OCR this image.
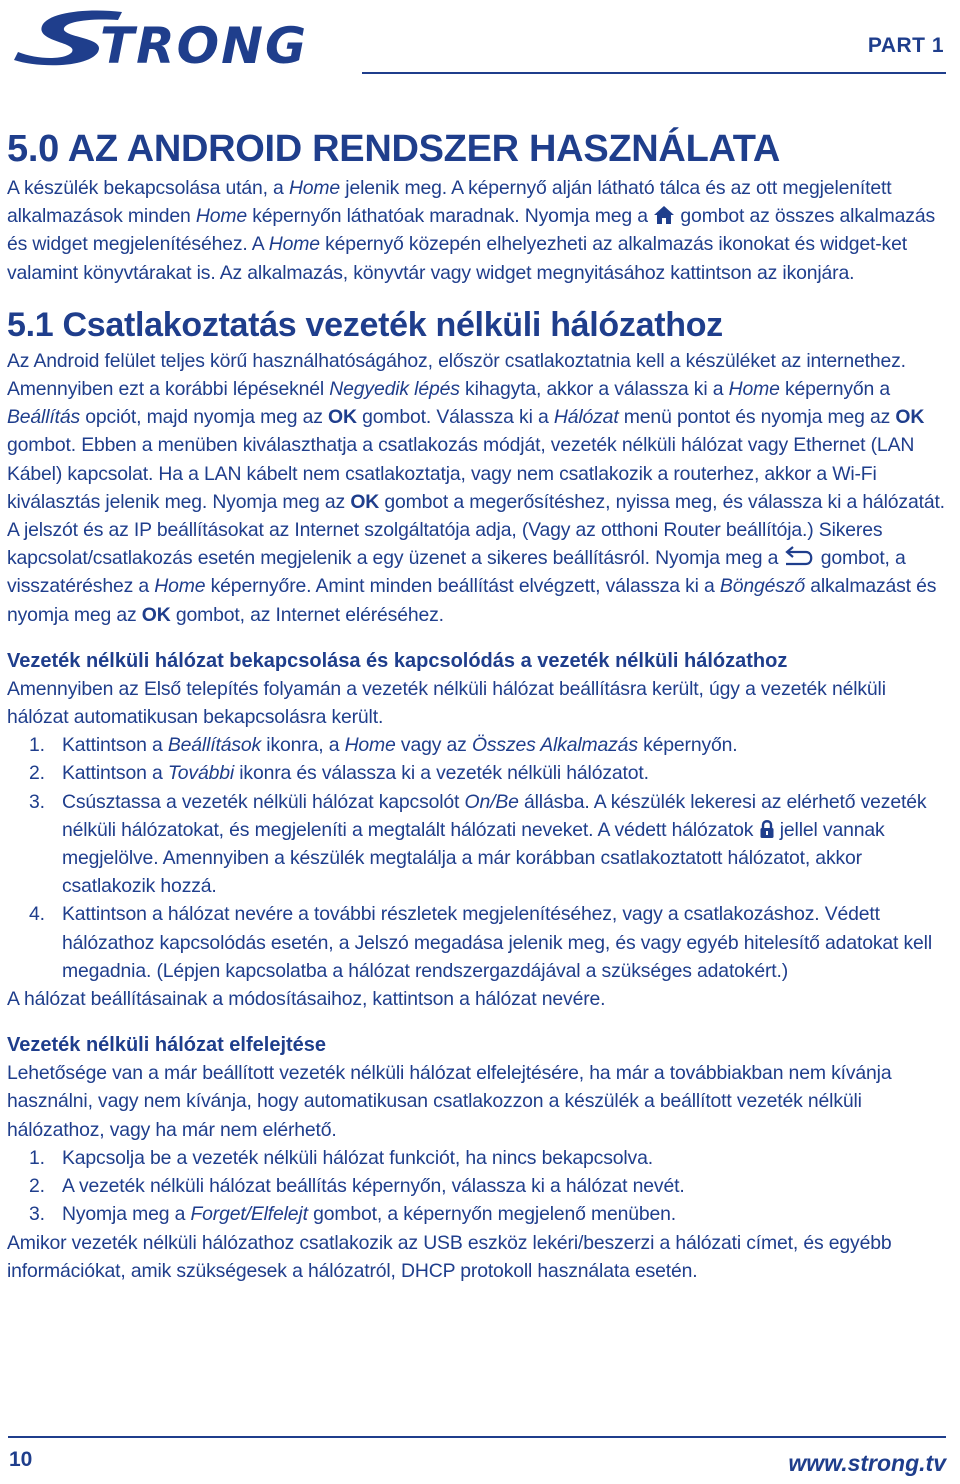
TRONG	PART 1
5.0 AZ ANDROID RENDSZER HASZNÁLATA

A készülék bekapcsolása után, a Home jelenik meg. A képernyő alján látható tálca és az ott megjelenített alkalmazások minden Home képernyőn láthatóak maradnak. Nyomja meg a  gombot az összes alkalmazás és widget megjelenítéséhez. A Home képernyő közepén elhelyezheti az alkalmazás ikonokat és widget-ket valamint könyvtárakat is. Az alkalmazás, könyvtár vagy widget megnyitásához kattintson az ikonjára.

5.1 Csatlakoztatás vezeték nélküli hálózathoz

Az Android felület teljes körű használhatóságához, először csatlakoztatnia kell a készüléket az internethez. Amennyiben ezt a korábbi lépéseknél Negyedik lépés kihagyta, akkor a válassza ki a Home képernyőn a Beállítás opciót, majd nyomja meg az OK gombot. Válassza ki a Hálózat menü pontot és nyomja meg az OK gombot. Ebben a menüben kiválaszthatja a csatlakozás módját, vezeték nélküli hálózat vagy Ethernet (LAN Kábel) kapcsolat. Ha a LAN kábelt nem csatlakoztatja, vagy nem csatlakozik a routerhez, akkor a Wi-Fi kiválasztás jelenik meg. Nyomja meg az OK gombot a megerősítéshez, nyissa meg, és válassza ki a hálózatát. A jelszót és az IP beállításokat az Internet szolgáltatója adja, (Vagy az otthoni Router beállítója.) Sikeres kapcsolat/csatlakozás esetén megjelenik a egy üzenet a sikeres beállításról. Nyomja meg a  gombot, a visszatéréshez a Home képernyőre. Amint minden beállítást elvégzett, válassza ki a Böngésző alkalmazást és nyomja meg az OK gombot, az Internet eléréséhez.

Vezeték nélküli hálózat bekapcsolása és kapcsolódás a vezeték nélküli hálózathoz

Amennyiben az Első telepítés folyamán a vezeték nélküli hálózat beállításra került, úgy a vezeték nélküli hálózat automatikusan bekapcsolásra került.

1. Kattintson a Beállítások ikonra, a Home vagy az Összes Alkalmazás képernyőn.
2. Kattintson a További ikonra és válassza ki a vezeték nélküli hálózatot.
3. Csúsztassa a vezeték nélküli hálózat kapcsolót On/Be állásba. A készülék lekeresi az elérhető vezeték nélküli hálózatokat, és megjeleníti a megtalált hálózati neveket. A védett hálózatok  jellel vannak megjelölve. Amennyiben a készülék megtalálja a már korábban csatlakoztatott hálózatot, akkor csatlakozik hozzá.
4. Kattintson a hálózat nevére a további részletek megjelenítéséhez, vagy a csatlakozáshoz. Védett hálózathoz kapcsolódás esetén, a Jelszó megadása jelenik meg, és vagy egyéb hitelesítő adatokat kell megadnia. (Lépjen kapcsolatba a hálózat rendszergazdájával a szükséges adatokért.)

A hálózat beállításainak a módosításaihoz, kattintson a hálózat nevére.

Vezeték nélküli hálózat elfelejtése

Lehetősége van a már beállított vezeték nélküli hálózat elfelejtésére, ha már a továbbiakban nem kívánja használni, vagy nem kívánja, hogy automatikusan csatlakozzon a készülék a beállított vezeték nélküli hálózathoz, vagy ha már nem elérhető.

1. Kapcsolja be a vezeték nélküli hálózat funkciót, ha nincs bekapcsolva.
2. A vezeték nélküli hálózat beállítás képernyőn, válassza ki a hálózat nevét.
3. Nyomja meg a Forget/Elfelejt gombot, a képernyőn megjelenő menüben.

Amikor vezeték nélküli hálózathoz csatlakozik az USB eszköz lekéri/beszerzi a hálózati címet, és egyébb információkat, amik szükségesek a hálózatról, DHCP protokoll használata esetén.

10	www.strong.tv
